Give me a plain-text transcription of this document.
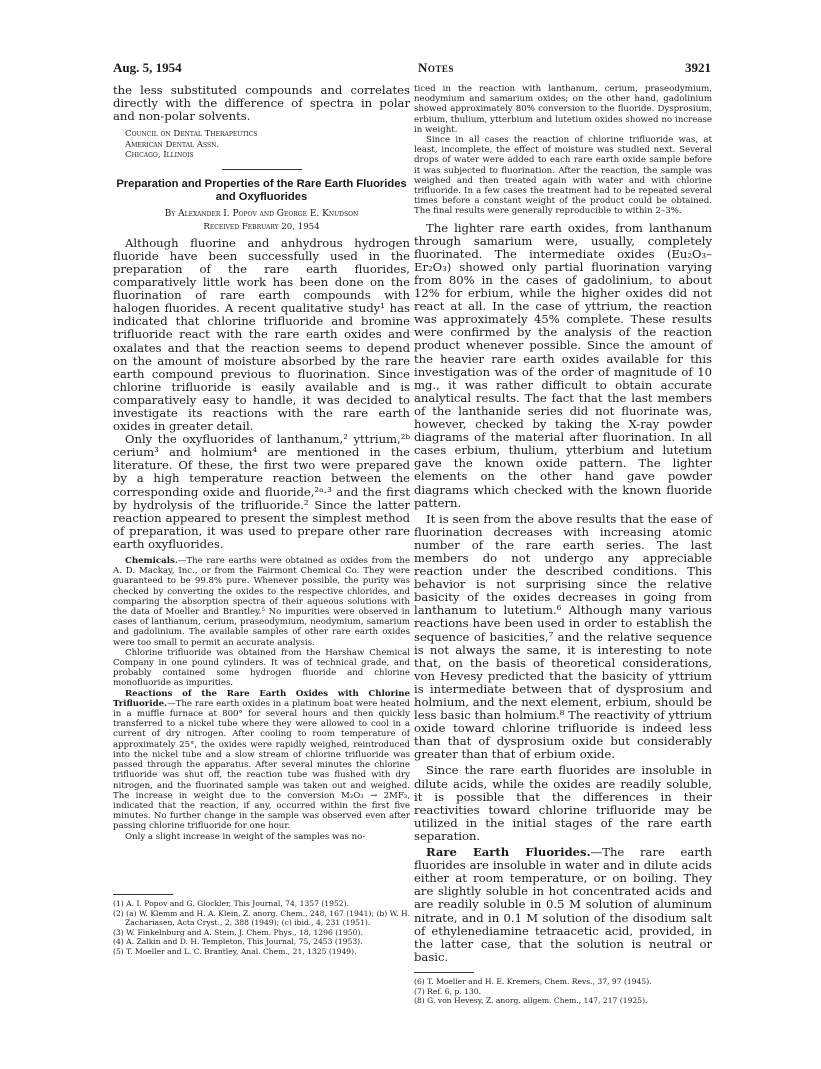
Aug. 5, 1954	Notes	3921

the less substituted compounds and correlates directly with the difference of spectra in polar and non-polar solvents.

Council on Dental Therapeutics
American Dental Assn.
Chicago, Illinois
Preparation and Properties of the Rare Earth Fluorides and Oxyfluorides
By Alexander I. Popov and George E. Knudson
Received February 20, 1954

Although fluorine and anhydrous hydrogen fluoride have been successfully used in the preparation of the rare earth fluorides, comparatively little work has been done on the fluorination of rare earth compounds with halogen fluorides. A recent qualitative study¹ has indicated that chlorine trifluoride and bromine trifluoride react with the rare earth oxides and oxalates and that the reaction seems to depend on the amount of moisture absorbed by the rare earth compound previous to fluorination. Since chlorine trifluoride is easily available and is comparatively easy to handle, it was decided to investigate its reactions with the rare earth oxides in greater detail.

Only the oxyfluorides of lanthanum,² yttrium,²ᵇ cerium³ and holmium⁴ are mentioned in the literature. Of these, the first two were prepared by a high temperature reaction between the corresponding oxide and fluoride,²ᵃ·³ and the first by hydrolysis of the trifluoride.² Since the latter reaction appeared to present the simplest method of preparation, it was used to prepare other rare earth oxyfluorides.

Chemicals.—The rare earths were obtained as oxides from the A. D. Mackay, Inc., or from the Fairmont Chemical Co. They were guaranteed to be 99.8% pure. Whenever possible, the purity was checked by converting the oxides to the respective chlorides, and comparing the absorption spectra of their aqueous solutions with the data of Moeller and Brantley.⁵ No impurities were observed in cases of lanthanum, cerium, praseodymium, neodymium, samarium and gadolinium. The available samples of other rare earth oxides were too small to permit an accurate analysis.

Chlorine trifluoride was obtained from the Harshaw Chemical Company in one pound cylinders. It was of technical grade, and probably contained some hydrogen fluoride and chlorine monofluoride as impurities.

Reactions of the Rare Earth Oxides with Chlorine Trifluoride.—The rare earth oxides in a platinum boat were heated in a muffle furnace at 800° for several hours and then quickly transferred to a nickel tube where they were allowed to cool in a current of dry nitrogen. After cooling to room temperature of approximately 25°, the oxides were rapidly weighed, reintroduced into the nickel tube and a slow stream of chlorine trifluoride was passed through the apparatus. After several minutes the chlorine trifluoride was shut off, the reaction tube was flushed with dry nitrogen, and the fluorinated sample was taken out and weighed. The increase in weight due to the conversion M₂O₃ → 2MF₃, indicated that the reaction, if any, occurred within the first five minutes. No further change in the sample was observed even after passing chlorine trifluoride for one hour.

Only a slight increase in weight of the samples was no-

(1) A. I. Popov and G. Glockler, This Journal, 74, 1357 (1952).

(2) (a) W. Klemm and H. A. Klein, Z. anorg. Chem., 248, 167 (1941); (b) W. H. Zachariasen, Acta Cryst., 2, 388 (1949); (c) ibid., 4, 231 (1951).

(3) W. Finkelnburg and A. Stein, J. Chem. Phys., 18, 1296 (1950).

(4) A. Zalkin and D. H. Templeton, This Journal, 75, 2453 (1953).

(5) T. Moeller and L. C. Brantley, Anal. Chem., 21, 1325 (1949).

ticed in the reaction with lanthanum, cerium, praseodymium, neodymium and samarium oxides; on the other hand, gadolinium showed approximately 80% conversion to the fluoride. Dysprosium, erbium, thulium, ytterbium and lutetium oxides showed no increase in weight.

Since in all cases the reaction of chlorine trifluoride was, at least, incomplete, the effect of moisture was studied next. Several drops of water were added to each rare earth oxide sample before it was subjected to fluorination. After the reaction, the sample was weighed and then treated again with water and with chlorine trifluoride. In a few cases the treatment had to be repeated several times before a constant weight of the product could be obtained. The final results were generally reproducible to within 2–3%.

The lighter rare earth oxides, from lanthanum through samarium were, usually, completely fluorinated. The intermediate oxides (Eu₂O₃–Er₂O₃) showed only partial fluorination varying from 80% in the cases of gadolinium, to about 12% for erbium, while the higher oxides did not react at all. In the case of yttrium, the reaction was approximately 45% complete. These results were confirmed by the analysis of the reaction product whenever possible. Since the amount of the heavier rare earth oxides available for this investigation was of the order of magnitude of 10 mg., it was rather difficult to obtain accurate analytical results. The fact that the last members of the lanthanide series did not fluorinate was, however, checked by taking the X-ray powder diagrams of the material after fluorination. In all cases erbium, thulium, ytterbium and lutetium gave the known oxide pattern. The lighter elements on the other hand gave powder diagrams which checked with the known fluoride pattern.

It is seen from the above results that the ease of fluorination decreases with increasing atomic number of the rare earth series. The last members do not undergo any appreciable reaction under the described conditions. This behavior is not surprising since the relative basicity of the oxides decreases in going from lanthanum to lutetium.⁶ Although many various reactions have been used in order to establish the sequence of basicities,⁷ and the relative sequence is not always the same, it is interesting to note that, on the basis of theoretical considerations, von Hevesy predicted that the basicity of yttrium is intermediate between that of dysprosium and holmium, and the next element, erbium, should be less basic than holmium.⁸ The reactivity of yttrium oxide toward chlorine trifluoride is indeed less than that of dysprosium oxide but considerably greater than that of erbium oxide.

Since the rare earth fluorides are insoluble in dilute acids, while the oxides are readily soluble, it is possible that the differences in their reactivities toward chlorine trifluoride may be utilized in the initial stages of the rare earth separation.

Rare Earth Fluorides.—The rare earth fluorides are insoluble in water and in dilute acids either at room temperature, or on boiling. They are slightly soluble in hot concentrated acids and are readily soluble in 0.5 M solution of aluminum nitrate, and in 0.1 M solution of the disodium salt of ethylenediamine tetraacetic acid, provided, in the latter case, that the solution is neutral or basic.

(6) T. Moeller and H. E. Kremers, Chem. Revs., 37, 97 (1945).

(7) Ref. 6, p. 130.

(8) G. von Hevesy, Z. anorg. allgem. Chem., 147, 217 (1925).
